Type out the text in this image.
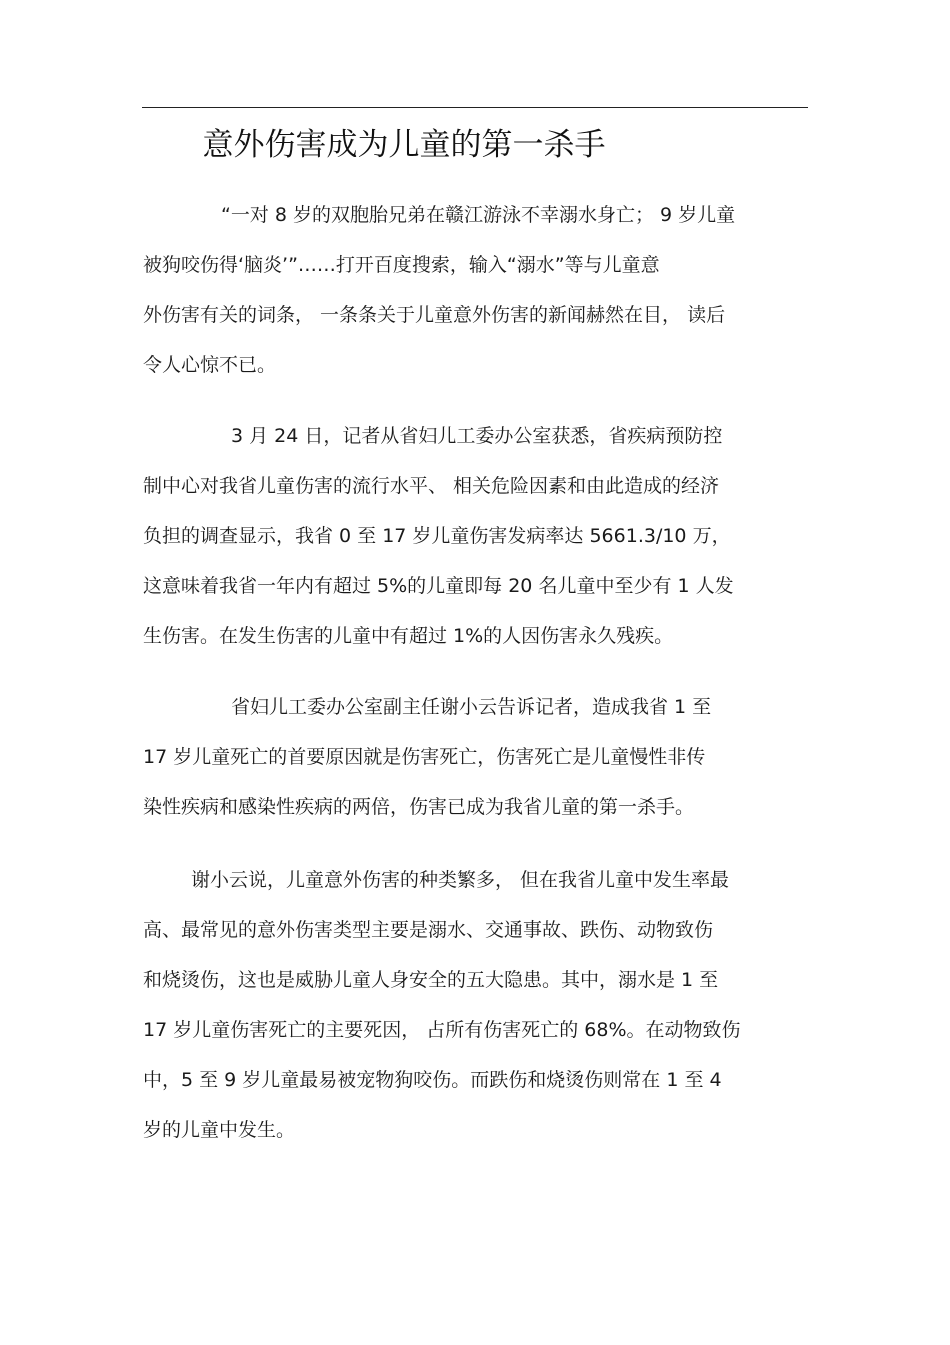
意外伤害成为儿童的第一杀手
“一对 8 岁的双胞胎兄弟在赣江游泳不幸溺水身亡； 9 岁儿童
被狗咬伤得‘脑炎’”……打开百度搜索，输入“溺水”等与儿童意
外伤害有关的词条， 一条条关于儿童意外伤害的新闻赫然在目， 读后
令人心惊不已。
3 月 24 日，记者从省妇儿工委办公室获悉，省疾病预防控
制中心对我省儿童伤害的流行水平、 相关危险因素和由此造成的经济
负担的调查显示，我省 0 至 17 岁儿童伤害发病率达 5661.3/10 万，
这意味着我省一年内有超过 5%的儿童即每 20 名儿童中至少有 1 人发
生伤害。在发生伤害的儿童中有超过 1%的人因伤害永久残疾。
省妇儿工委办公室副主任谢小云告诉记者，造成我省 1 至
17 岁儿童死亡的首要原因就是伤害死亡，伤害死亡是儿童慢性非传
染性疾病和感染性疾病的两倍，伤害已成为我省儿童的第一杀手。
谢小云说，儿童意外伤害的种类繁多， 但在我省儿童中发生率最
高、最常见的意外伤害类型主要是溺水、交通事故、跌伤、动物致伤
和烧烫伤，这也是威胁儿童人身安全的五大隐患。其中，溺水是 1 至
17 岁儿童伤害死亡的主要死因， 占所有伤害死亡的 68%。在动物致伤
中，5 至 9 岁儿童最易被宠物狗咬伤。而跌伤和烧烫伤则常在 1 至 4
岁的儿童中发生。
